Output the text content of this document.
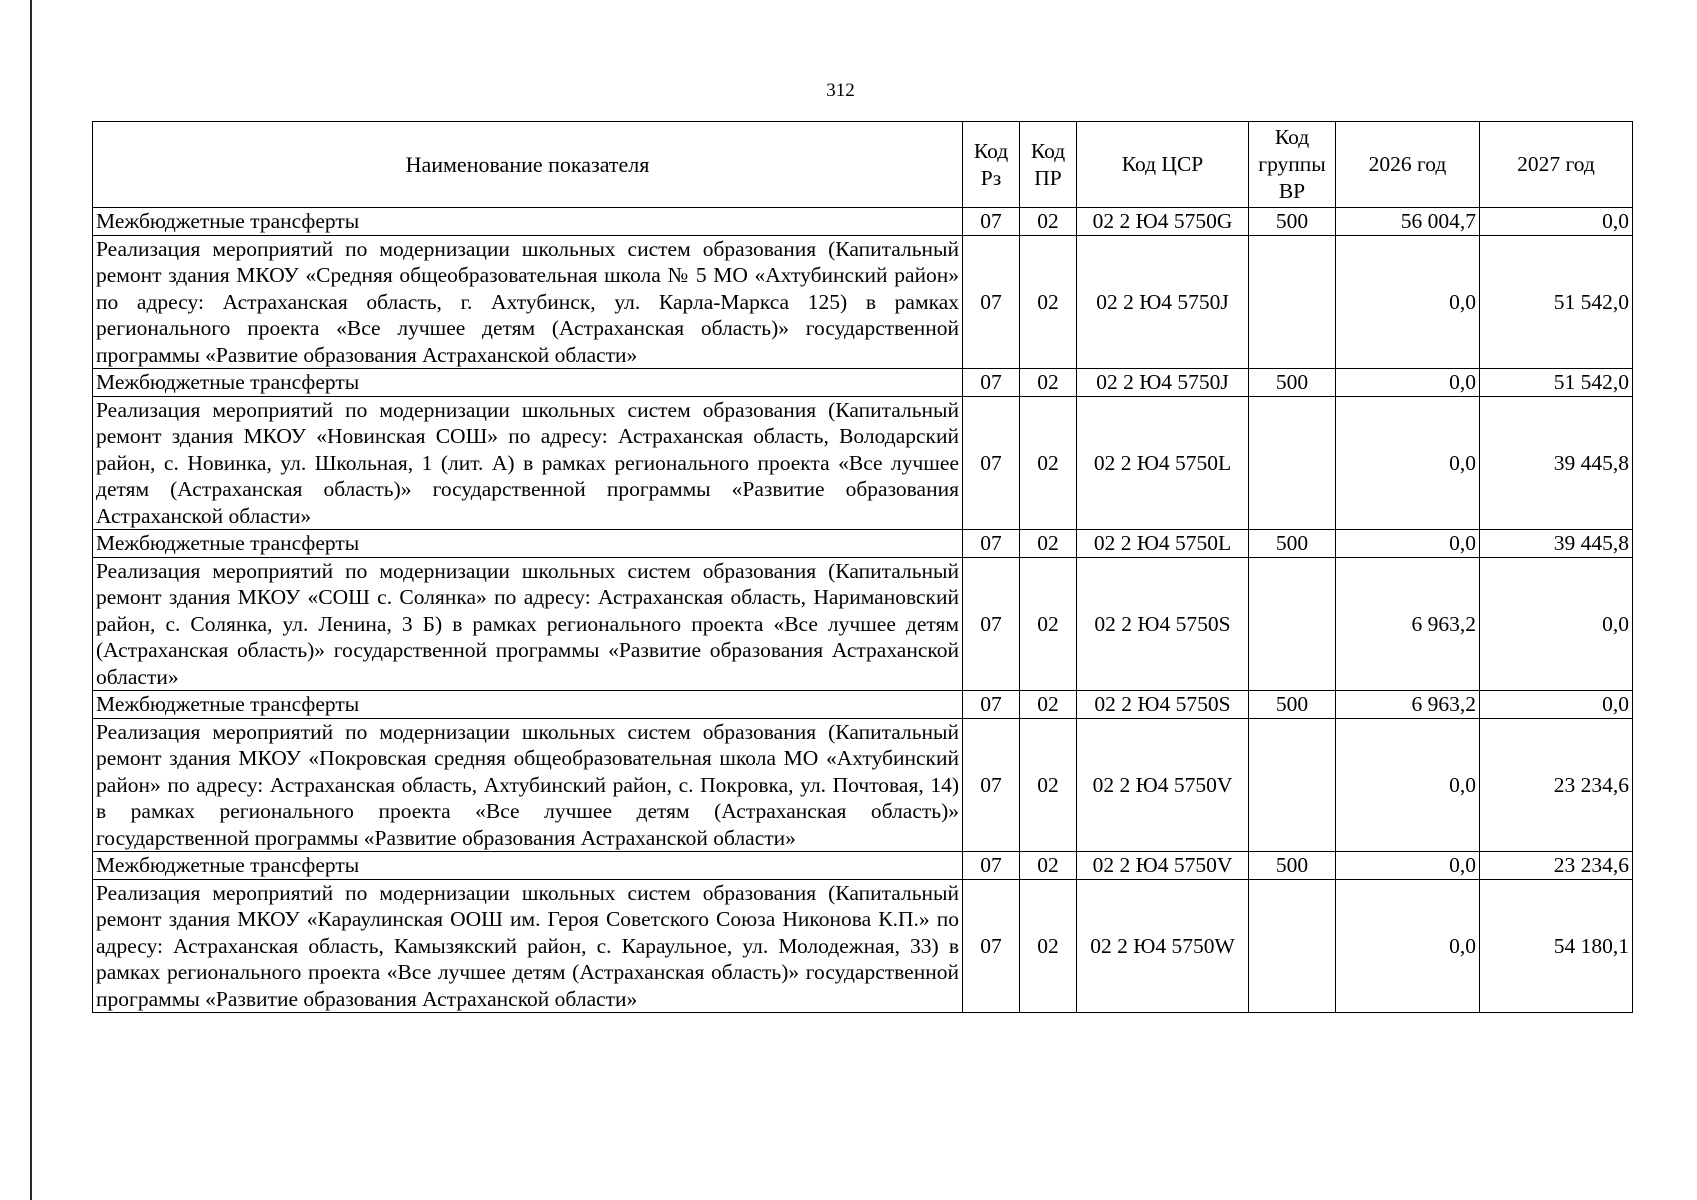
312
Наименование показателя	Код Рз	Код ПР	Код ЦСР	Код группы ВР	2026 год	2027 год
Межбюджетные трансферты	07	02	02 2 Ю4 5750G	500	56 004,7	0,0
Реализация мероприятий по модернизации школьных систем образования (Капитальный ремонт здания МКОУ «Средняя общеобразовательная школа № 5 МО «Ахтубинский район» по адресу: Астраханская область, г. Ахтубинск, ул. Карла-Маркса 125) в рамках регионального проекта «Все лучшее детям (Астраханская область)» государственной программы «Развитие образования Астраханской области»	07	02	02 2 Ю4 5750J		0,0	51 542,0
Межбюджетные трансферты	07	02	02 2 Ю4 5750J	500	0,0	51 542,0
Реализация мероприятий по модернизации школьных систем образования (Капитальный ремонт здания МКОУ «Новинская СОШ» по адресу: Астраханская область, Володарский район, с. Новинка, ул. Школьная, 1 (лит. А) в рамках регионального проекта «Все лучшее детям (Астраханская область)» государственной программы «Развитие образования Астраханской области»	07	02	02 2 Ю4 5750L		0,0	39 445,8
Межбюджетные трансферты	07	02	02 2 Ю4 5750L	500	0,0	39 445,8
Реализация мероприятий по модернизации школьных систем образования (Капитальный ремонт здания МКОУ «СОШ с. Солянка» по адресу: Астраханская область, Наримановский район, с. Солянка, ул. Ленина, 3 Б) в рамках регионального проекта «Все лучшее детям (Астраханская область)» государственной программы «Развитие образования Астраханской области»	07	02	02 2 Ю4 5750S		6 963,2	0,0
Межбюджетные трансферты	07	02	02 2 Ю4 5750S	500	6 963,2	0,0
Реализация мероприятий по модернизации школьных систем образования (Капитальный ремонт здания МКОУ «Покровская средняя общеобразовательная школа МО «Ахтубинский район» по адресу: Астраханская область, Ахтубинский район, с. Покровка, ул. Почтовая, 14) в рамках регионального проекта «Все лучшее детям (Астраханская область)» государственной программы «Развитие образования Астраханской области»	07	02	02 2 Ю4 5750V		0,0	23 234,6
Межбюджетные трансферты	07	02	02 2 Ю4 5750V	500	0,0	23 234,6
Реализация мероприятий по модернизации школьных систем образования (Капитальный ремонт здания МКОУ «Караулинская ООШ им. Героя Советского Союза Никонова К.П.» по адресу: Астраханская область, Камызякский район, с. Караульное, ул. Молодежная, 33) в рамках регионального проекта «Все лучшее детям (Астраханская область)» государственной программы «Развитие образования Астраханской области»	07	02	02 2 Ю4 5750W		0,0	54 180,1
